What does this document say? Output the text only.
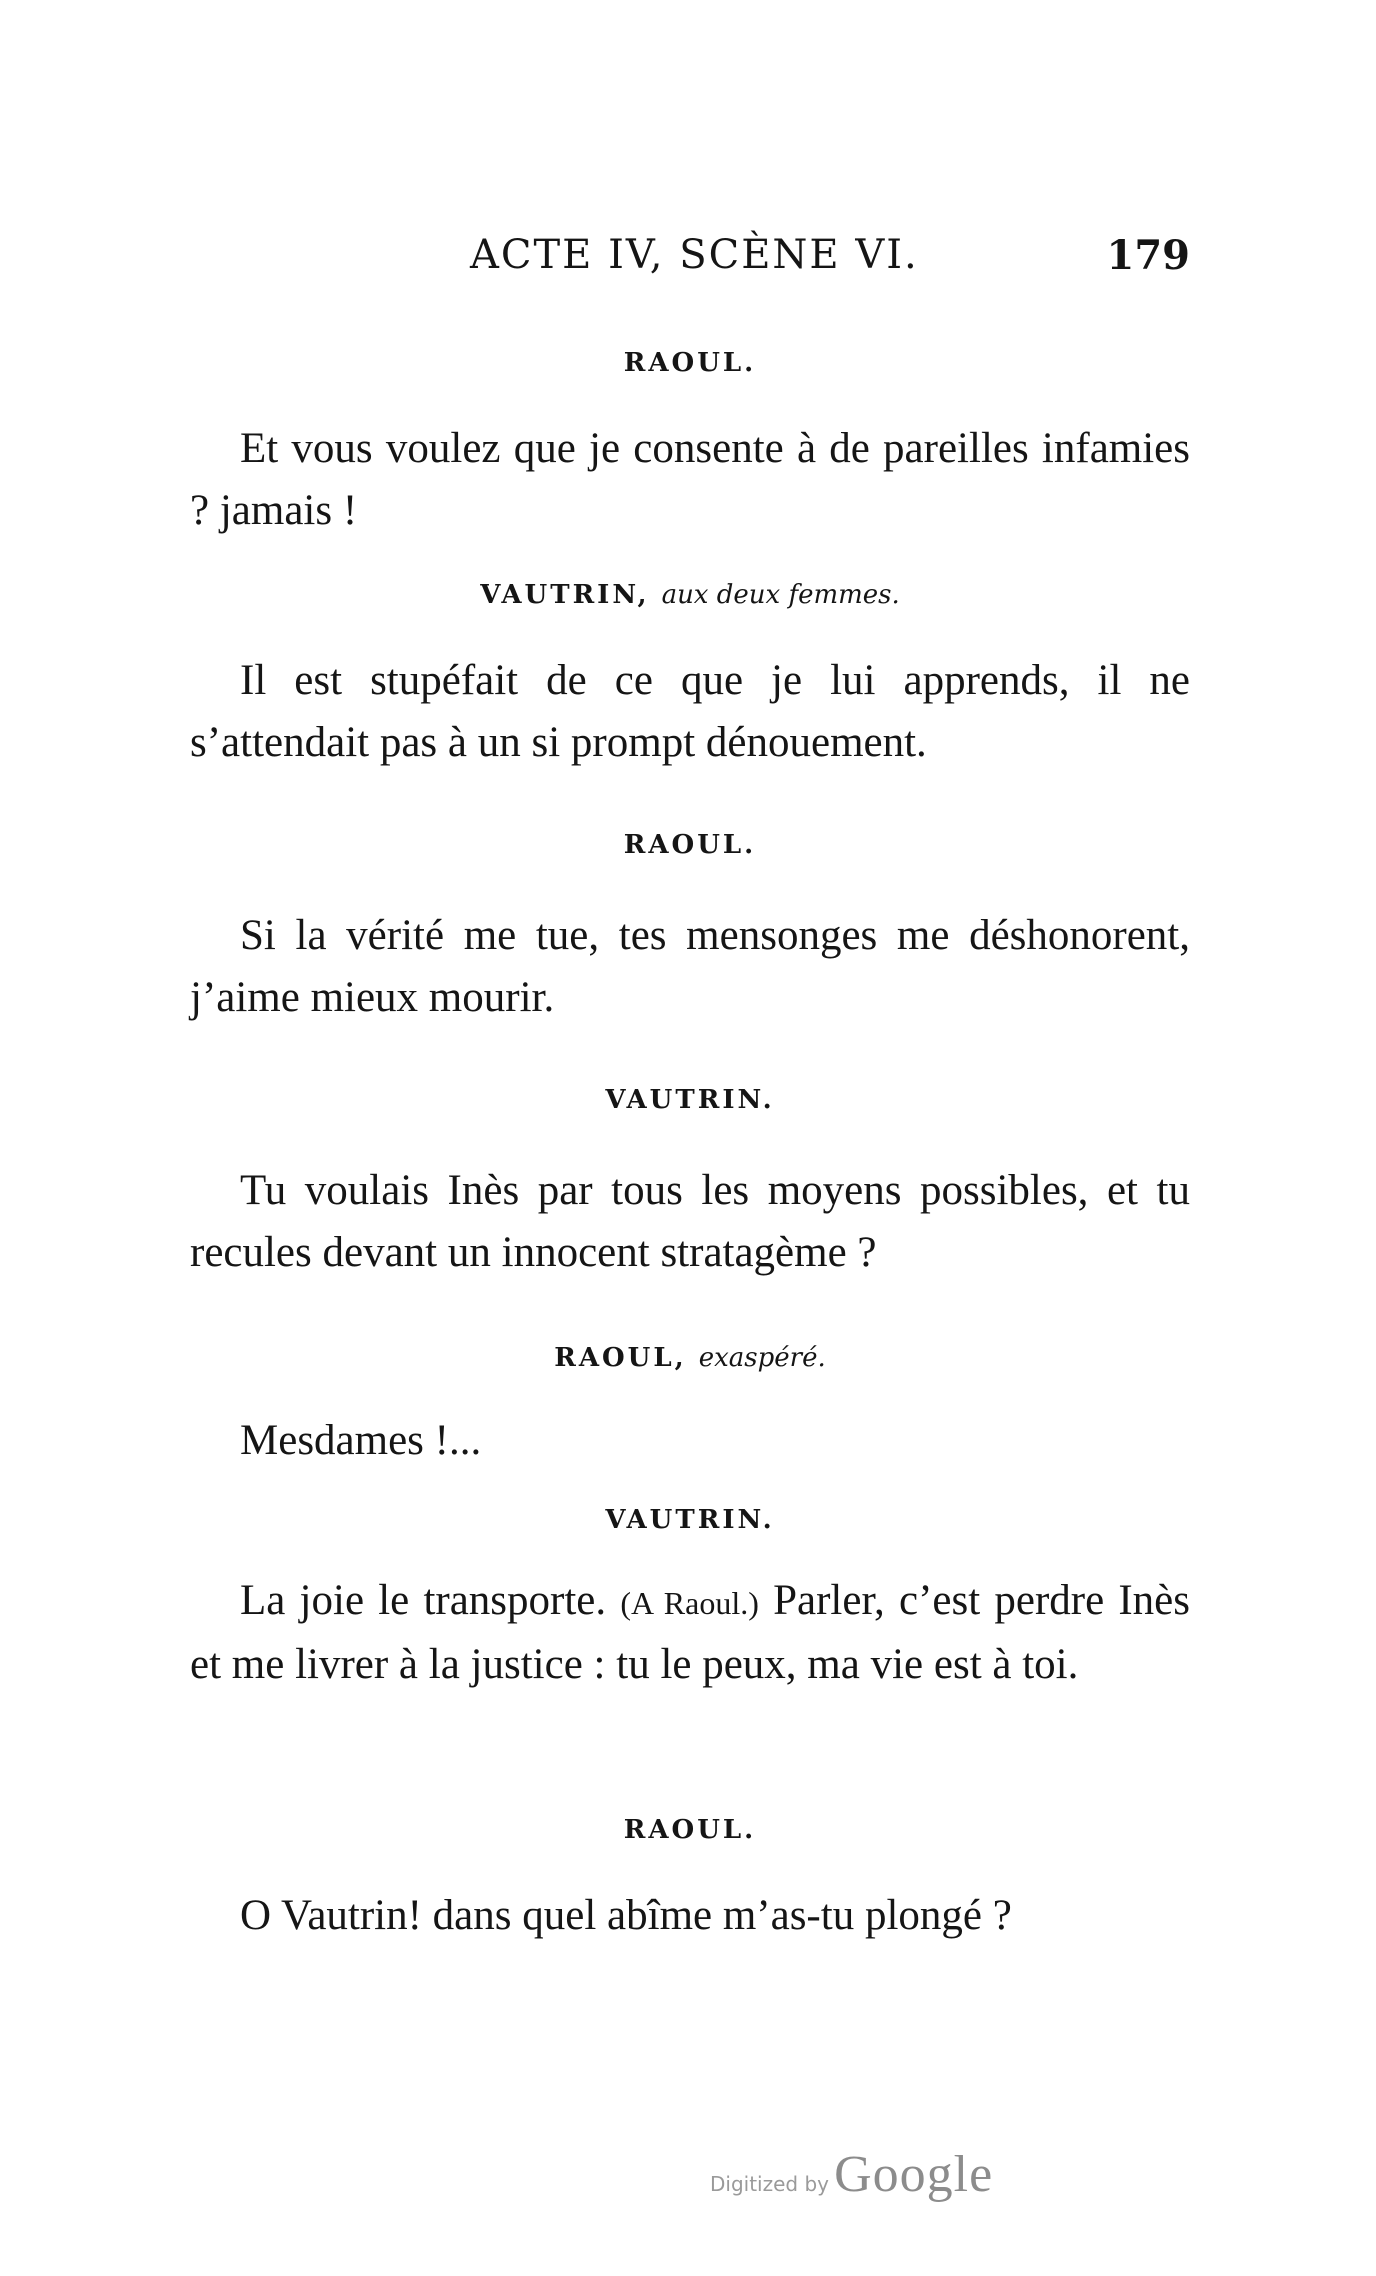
ACTE IV, SCÈNE VI.	179
RAOUL.

Et vous voulez que je consente à de pareilles infamies ? jamais !

VAUTRIN, aux deux femmes.

Il est stupéfait de ce que je lui apprends, il ne s’attendait pas à un si prompt dénouement.

RAOUL.

Si la vérité me tue, tes mensonges me déshonorent, j’aime mieux mourir.

VAUTRIN.

Tu voulais Inès par tous les moyens possibles, et tu recules devant un innocent stratagème ?

RAOUL, exaspéré.

Mesdames !...

VAUTRIN.

La joie le transporte. (A Raoul.) Parler, c’est perdre Inès et me livrer à la justice : tu le peux, ma vie est à toi.

RAOUL.

O Vautrin! dans quel abîme m’as-tu plongé ?

Digitized by Google
